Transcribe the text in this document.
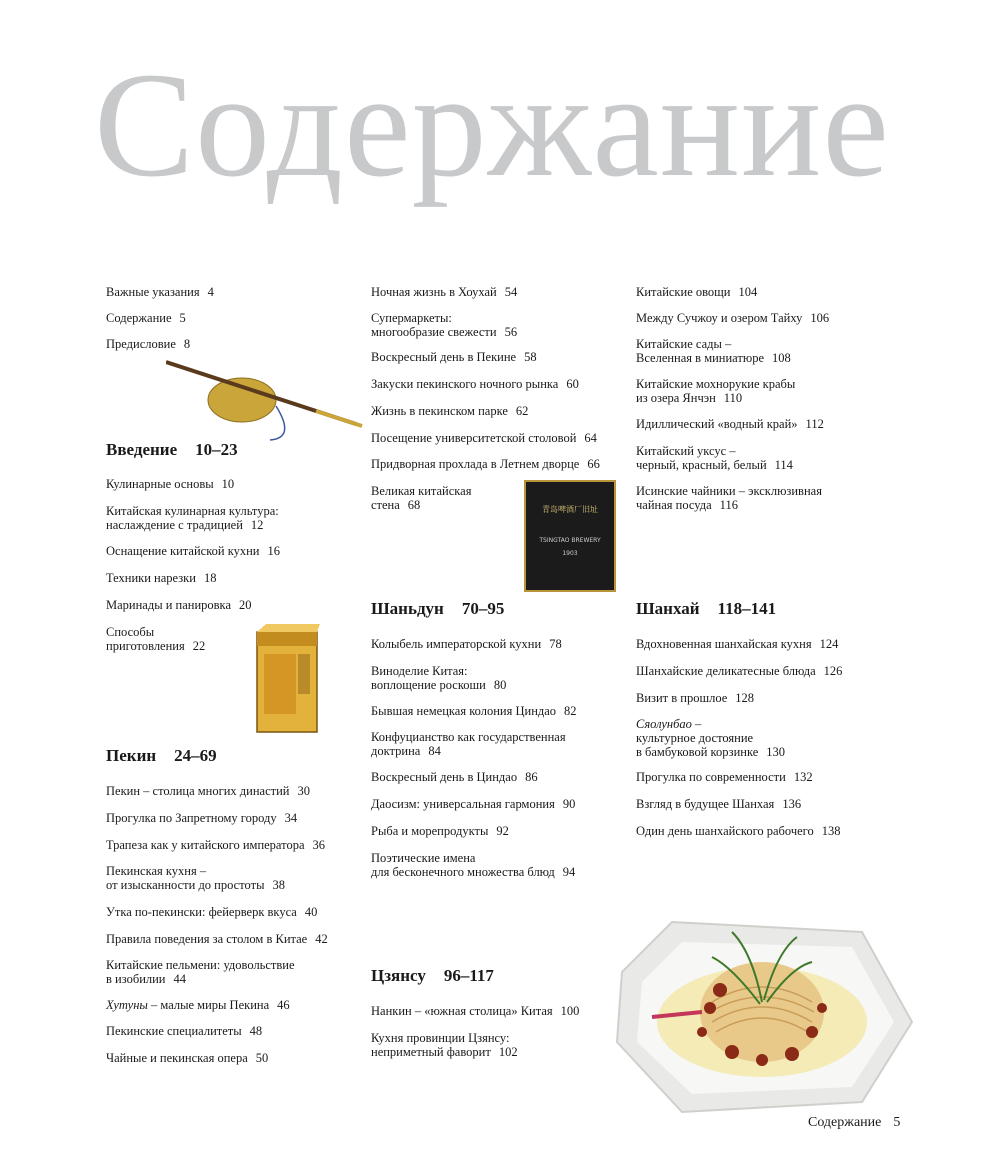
Содержание
青岛啤酒厂旧址
TSINGTAO BREWERY
1903
Важные указания 4
Содержание 5
Предисловие 8
Введение 10–23
Кулинарные основы 10
Китайская кулинарная культура:
наслаждение с традицией 12
Оснащение китайской кухни 16
Техники нарезки 18
Маринады и панировка 20
Способы
приготовления 22
Пекин 24–69
Пекин – столица многих династий 30
Прогулка по Запретному городу 34
Трапеза как у китайского императора 36
Пекинская кухня –
от изысканности до простоты 38
Утка по-пекински: фейерверк вкуса 40
Правила поведения за столом в Китае 42
Китайские пельмени: удовольствие
в изобилии 44
Хутуны – малые миры Пекина 46
Пекинские специалитеты 48
Чайные и пекинская опера 50
Ночная жизнь в Хоухай 54
Супермаркеты:
многообразие свежести 56
Воскресный день в Пекине 58
Закуски пекинского ночного рынка 60
Жизнь в пекинском парке 62
Посещение университетской столовой 64
Придворная прохлада в Летнем дворце 66
Великая китайская
стена 68
Шаньдун 70–95
Колыбель императорской кухни 78
Виноделие Китая:
воплощение роскоши 80
Бывшая немецкая колония Циндао 82
Конфуцианство как государственная
доктрина 84
Воскресный день в Циндао 86
Даосизм: универсальная гармония 90
Рыба и морепродукты 92
Поэтические имена
для бесконечного множества блюд 94
Цзянсу 96–117
Нанкин – «южная столица» Китая 100
Кухня провинции Цзянсу:
неприметный фаворит 102
Китайские овощи 104
Между Сучжоу и озером Тайху 106
Китайские сады –
Вселенная в миниатюре 108
Китайские мохнорукие крабы
из озера Янчэн 110
Идиллический «водный край» 112
Китайский уксус –
черный, красный, белый 114
Исинские чайники – эксклюзивная
чайная посуда 116
Шанхай 118–141
Вдохновенная шанхайская кухня 124
Шанхайские деликатесные блюда 126
Визит в прошлое 128
Сяолунбао –
культурное достояние
в бамбуковой корзинке 130
Прогулка по современности 132
Взгляд в будущее Шанхая 136
Один день шанхайского рабочего 138
Содержание 5
